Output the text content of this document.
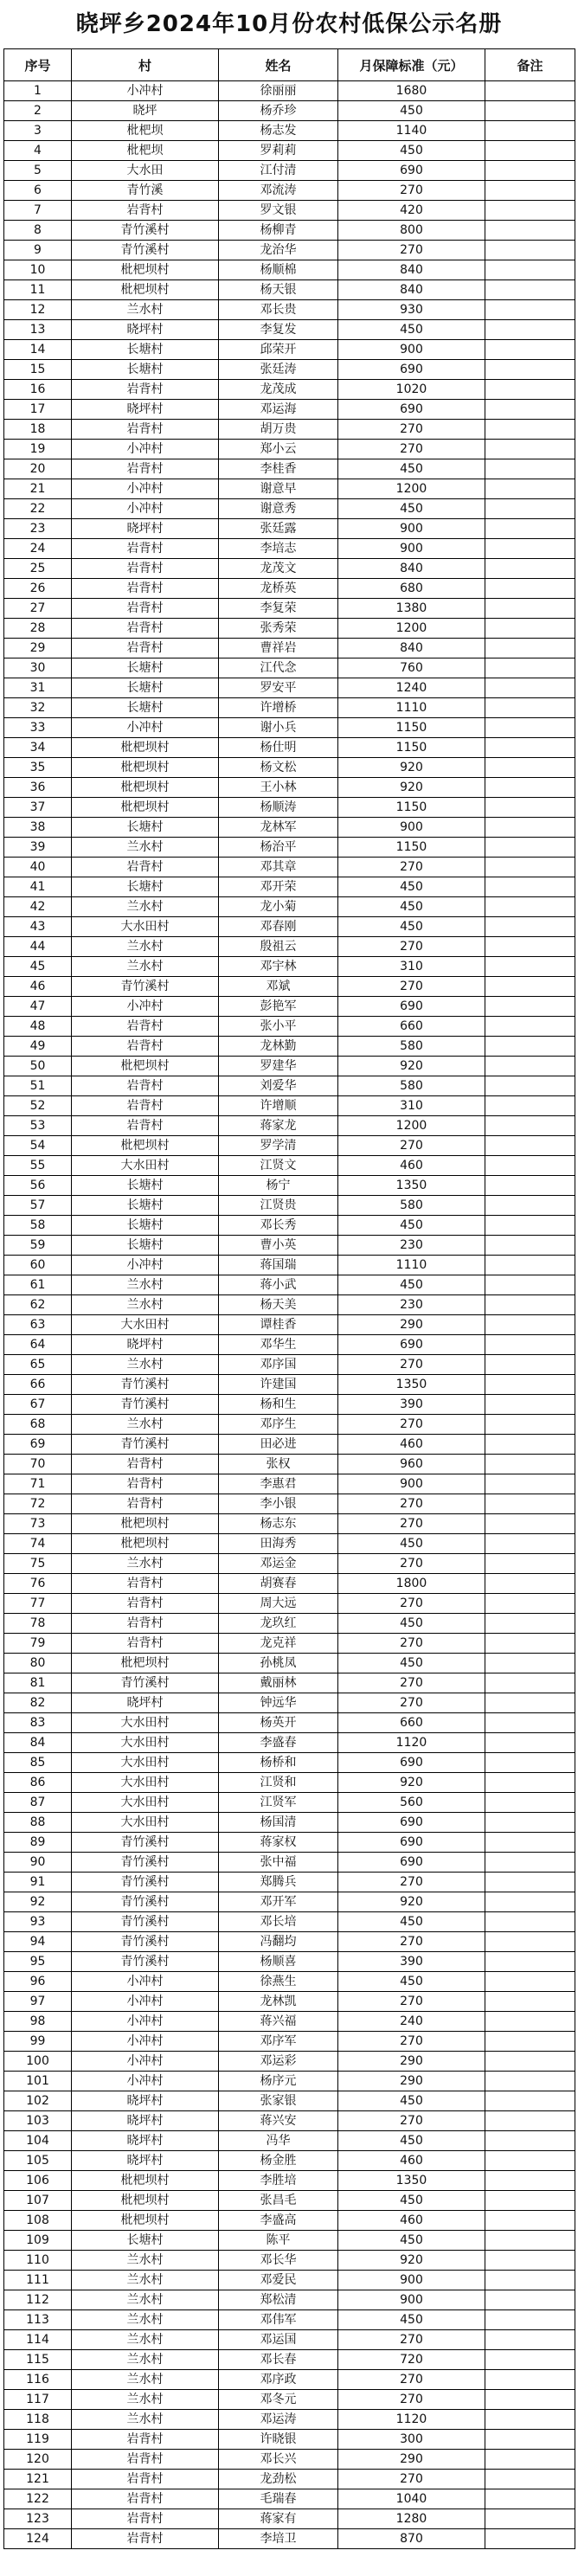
晓坪乡2024年10月份农村低保公示名册
序号	村	姓名	月保障标准（元）	备注
1	小冲村	徐丽丽	1680	
2	晓坪	杨乔珍	450	
3	枇杷坝	杨志发	1140	
4	枇杷坝	罗莉莉	450	
5	大水田	江付清	690	
6	青竹溪	邓流涛	270	
7	岩背村	罗文银	420	
8	青竹溪村	杨柳青	800	
9	青竹溪村	龙治华	270	
10	枇杷坝村	杨顺棉	840	
11	枇杷坝村	杨天银	840	
12	兰水村	邓长贵	930	
13	晓坪村	李复发	450	
14	长塘村	邱荣开	900	
15	长塘村	张廷涛	690	
16	岩背村	龙茂成	1020	
17	晓坪村	邓运海	690	
18	岩背村	胡万贵	270	
19	小冲村	郑小云	270	
20	岩背村	李桂香	450	
21	小冲村	谢意早	1200	
22	小冲村	谢意秀	450	
23	晓坪村	张廷露	900	
24	岩背村	李培志	900	
25	岩背村	龙茂文	840	
26	岩背村	龙桥英	680	
27	岩背村	李复荣	1380	
28	岩背村	张秀荣	1200	
29	岩背村	曹祥岩	840	
30	长塘村	江代念	760	
31	长塘村	罗安平	1240	
32	长塘村	许增桥	1110	
33	小冲村	谢小兵	1150	
34	枇杷坝村	杨仕明	1150	
35	枇杷坝村	杨文松	920	
36	枇杷坝村	王小林	920	
37	枇杷坝村	杨顺涛	1150	
38	长塘村	龙林军	900	
39	兰水村	杨治平	1150	
40	岩背村	邓其章	270	
41	长塘村	邓开荣	450	
42	兰水村	龙小菊	450	
43	大水田村	邓春刚	450	
44	兰水村	殷祖云	270	
45	兰水村	邓宇林	310	
46	青竹溪村	邓斌	270	
47	小冲村	彭艳军	690	
48	岩背村	张小平	660	
49	岩背村	龙林勤	580	
50	枇杷坝村	罗建华	920	
51	岩背村	刘爱华	580	
52	岩背村	许增顺	310	
53	岩背村	蒋家龙	1200	
54	枇杷坝村	罗学清	270	
55	大水田村	江贤文	460	
56	长塘村	杨宁	1350	
57	长塘村	江贤贵	580	
58	长塘村	邓长秀	450	
59	长塘村	曹小英	230	
60	小冲村	蒋国瑞	1110	
61	兰水村	蒋小武	450	
62	兰水村	杨天美	230	
63	大水田村	谭桂香	290	
64	晓坪村	邓华生	690	
65	兰水村	邓序国	270	
66	青竹溪村	许建国	1350	
67	青竹溪村	杨和生	390	
68	兰水村	邓序生	270	
69	青竹溪村	田必进	460	
70	岩背村	张权	960	
71	岩背村	李惠君	900	
72	岩背村	李小银	270	
73	枇杷坝村	杨志东	270	
74	枇杷坝村	田海秀	450	
75	兰水村	邓运金	270	
76	岩背村	胡赛春	1800	
77	岩背村	周大远	270	
78	岩背村	龙玖红	450	
79	岩背村	龙克祥	270	
80	枇杷坝村	孙桃凤	450	
81	青竹溪村	戴丽林	270	
82	晓坪村	钟远华	270	
83	大水田村	杨英开	660	
84	大水田村	李盛春	1120	
85	大水田村	杨桥和	690	
86	大水田村	江贤和	920	
87	大水田村	江贤军	560	
88	大水田村	杨国清	690	
89	青竹溪村	蒋家权	690	
90	青竹溪村	张中福	690	
91	青竹溪村	郑腾兵	270	
92	青竹溪村	邓开军	920	
93	青竹溪村	邓长培	450	
94	青竹溪村	冯翻均	270	
95	青竹溪村	杨顺喜	390	
96	小冲村	徐燕生	450	
97	小冲村	龙林凯	270	
98	小冲村	蒋兴福	240	
99	小冲村	邓序军	270	
100	小冲村	邓运彩	290	
101	小冲村	杨序元	290	
102	晓坪村	张家银	450	
103	晓坪村	蒋兴安	270	
104	晓坪村	冯华	450	
105	晓坪村	杨金胜	460	
106	枇杷坝村	李胜培	1350	
107	枇杷坝村	张昌毛	450	
108	枇杷坝村	李盛高	460	
109	长塘村	陈平	450	
110	兰水村	邓长华	920	
111	兰水村	邓爱民	900	
112	兰水村	郑松清	900	
113	兰水村	邓伟军	450	
114	兰水村	邓运国	270	
115	兰水村	邓长春	720	
116	兰水村	邓序政	270	
117	兰水村	邓冬元	270	
118	兰水村	邓运涛	1120	
119	岩背村	许晓银	300	
120	岩背村	邓长兴	290	
121	岩背村	龙劲松	270	
122	岩背村	毛瑞春	1040	
123	岩背村	蒋家有	1280	
124	岩背村	李培卫	870	
